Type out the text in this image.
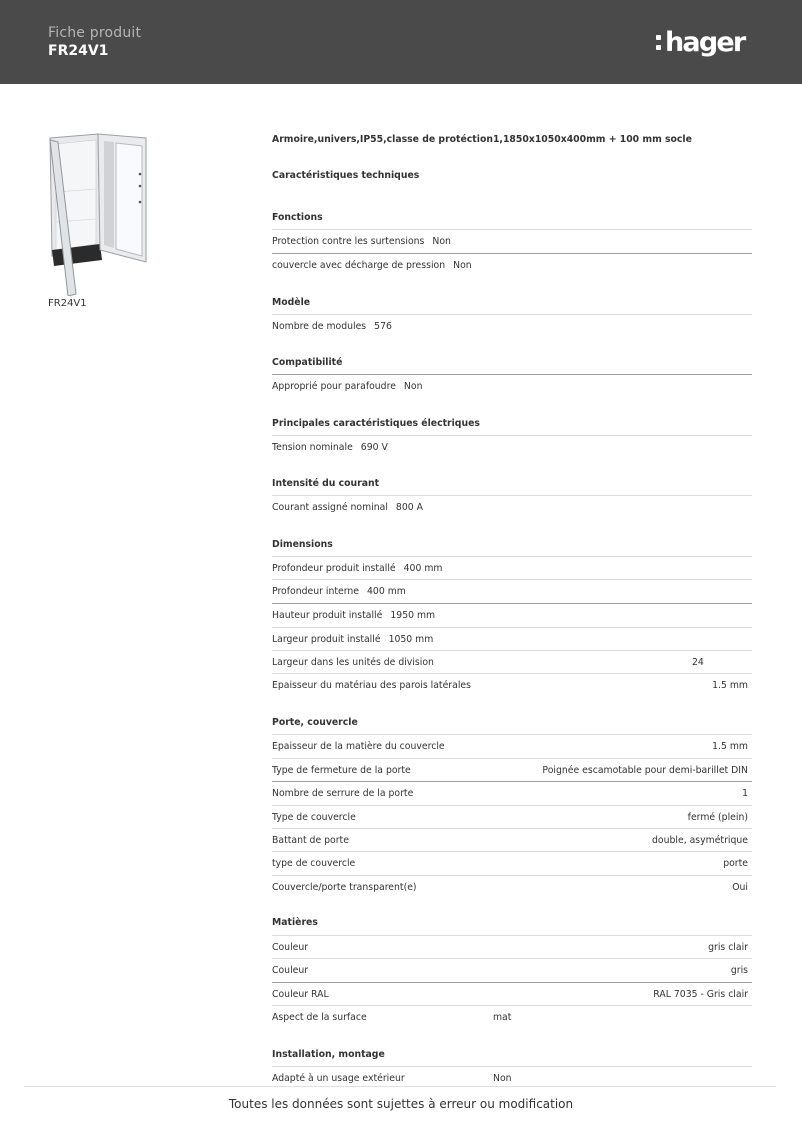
Fiche produit
FR24V1	hager
FR24V1
Armoire,univers,IP55,classe de protéction1,1850x1050x400mm + 100 mm socle
Caractéristiques techniques
Fonctions
Protection contre les surtensions Non
couvercle avec décharge de pression Non
Modèle
Nombre de modules 576
Compatibilité
Approprié pour parafoudre Non
Principales caractéristiques électriques
Tension nominale 690 V
Intensité du courant
Courant assigné nominal 800 A
Dimensions
Profondeur produit installé 400 mm
Profondeur interne 400 mm
Hauteur produit installé 1950 mm
Largeur produit installé 1050 mm
Largeur dans les unités de division	24
Epaisseur du matériau des parois latérales	1.5 mm
Porte, couvercle
Epaisseur de la matière du couvercle	1.5 mm
Type de fermeture de la porte	Poignée escamotable pour demi-barillet DIN
Nombre de serrure de la porte	1
Type de couvercle	fermé (plein)
Battant de porte	double, asymétrique
type de couvercle	porte
Couvercle/porte transparent(e)	Oui
Matières
Couleur	gris clair
Couleur	gris
Couleur RAL	RAL 7035 - Gris clair
Aspect de la surface	mat
Installation, montage
Adapté à un usage extérieur	Non
Toutes les données sont sujettes à erreur ou modification
